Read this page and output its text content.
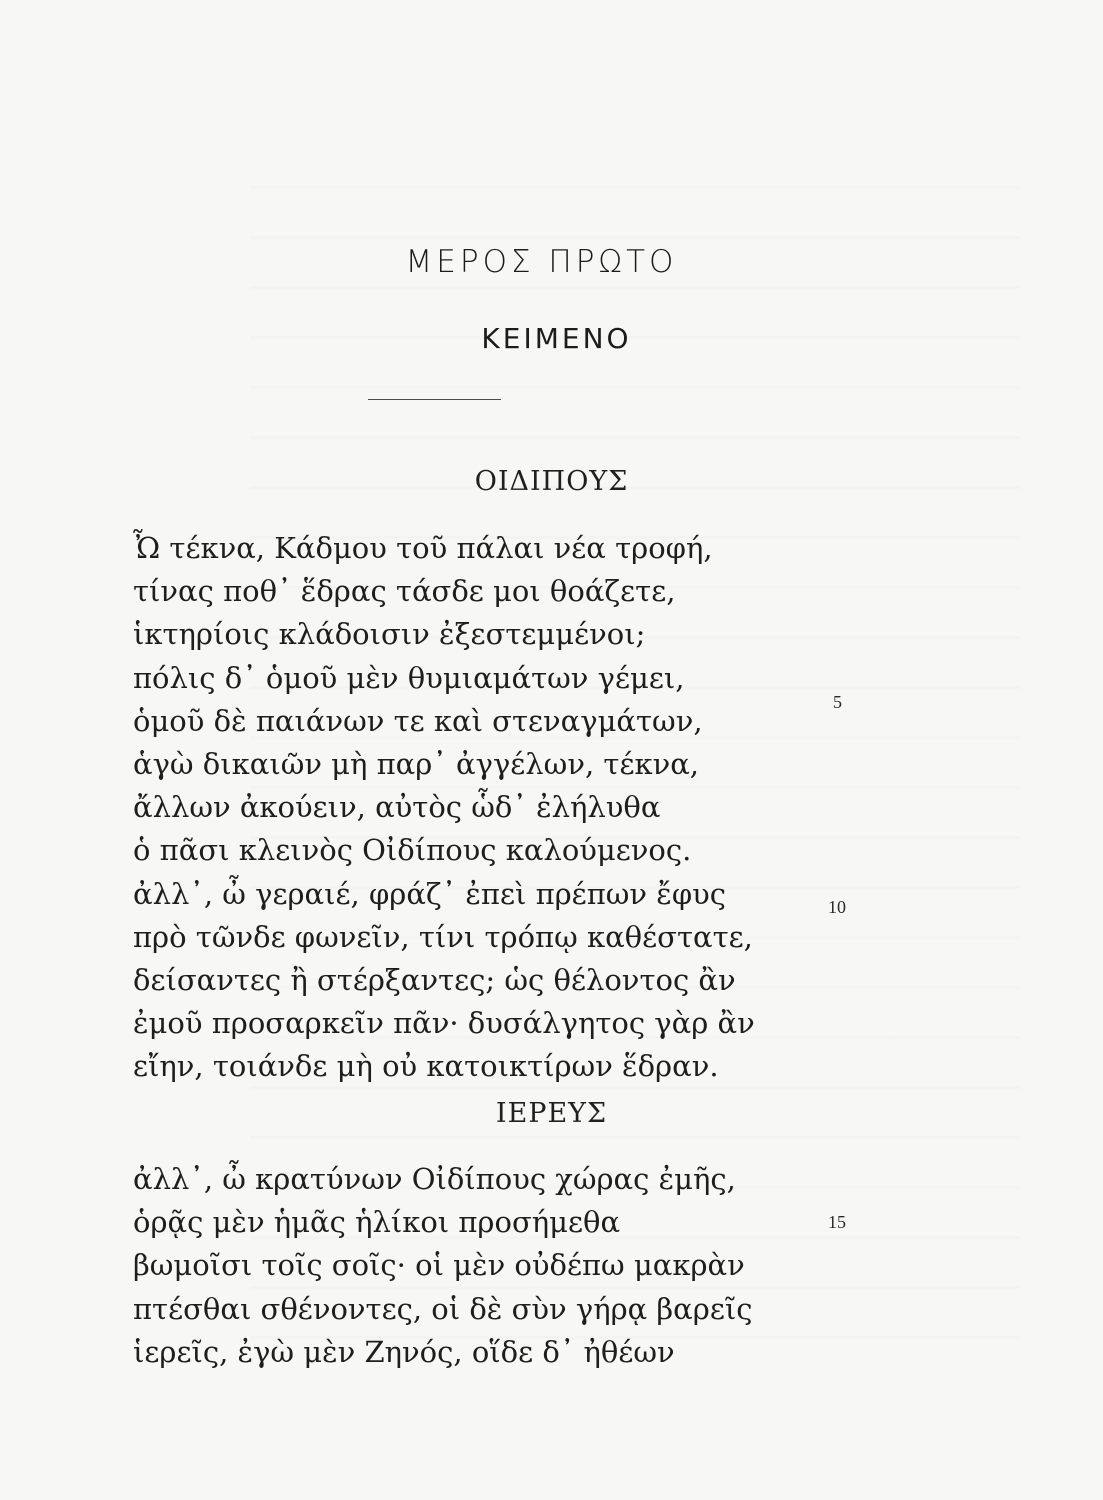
ΜΕΡΟΣ ΠΡΩΤΟ
ΚΕΙΜΕΝΟ
ΟΙΔΙΠΟΥΣ
Ὦ τέκνα, Κάδμου τοῦ πάλαι νέα τροφή,
τίνας ποθ᾽ ἕδρας τάσδε μοι θοάζετε,
ἱκτηρίοις κλάδοισιν ἐξεστεμμένοι;
πόλις δ᾽ ὁμοῦ μὲν θυμιαμάτων γέμει,
ὁμοῦ δὲ παιάνων τε καὶ στεναγμάτων,
ἁγὼ δικαιῶν μὴ παρ᾽ ἀγγέλων, τέκνα,
ἄλλων ἀκούειν, αὐτὸς ὧδ᾽ ἐλήλυθα
ὁ πᾶσι κλεινὸς Οἰδίπους καλούμενος.
ἀλλ᾽, ὦ γεραιέ, φράζ᾽ ἐπεὶ πρέπων ἔφυς
πρὸ τῶνδε φωνεῖν, τίνι τρόπῳ καθέστατε,
δείσαντες ἢ στέρξαντες; ὡς θέλοντος ἂν
ἐμοῦ προσαρκεῖν πᾶν· δυσάλγητος γὰρ ἂν
εἴην, τοιάνδε μὴ οὐ κατοικτίρων ἕδραν.
ΙΕΡΕΥΣ
ἀλλ᾽, ὦ κρατύνων Οἰδίπους χώρας ἐμῆς,
ὁρᾷς μὲν ἡμᾶς ἡλίκοι προσήμεθα
βωμοῖσι τοῖς σοῖς· οἱ μὲν οὐδέπω μακρὰν
πτέσθαι σθένοντες, οἱ δὲ σὺν γήρᾳ βαρεῖς
ἱερεῖς, ἐγὼ μὲν Ζηνός, οἵδε δ᾽ ἠθέων
5
10
15
